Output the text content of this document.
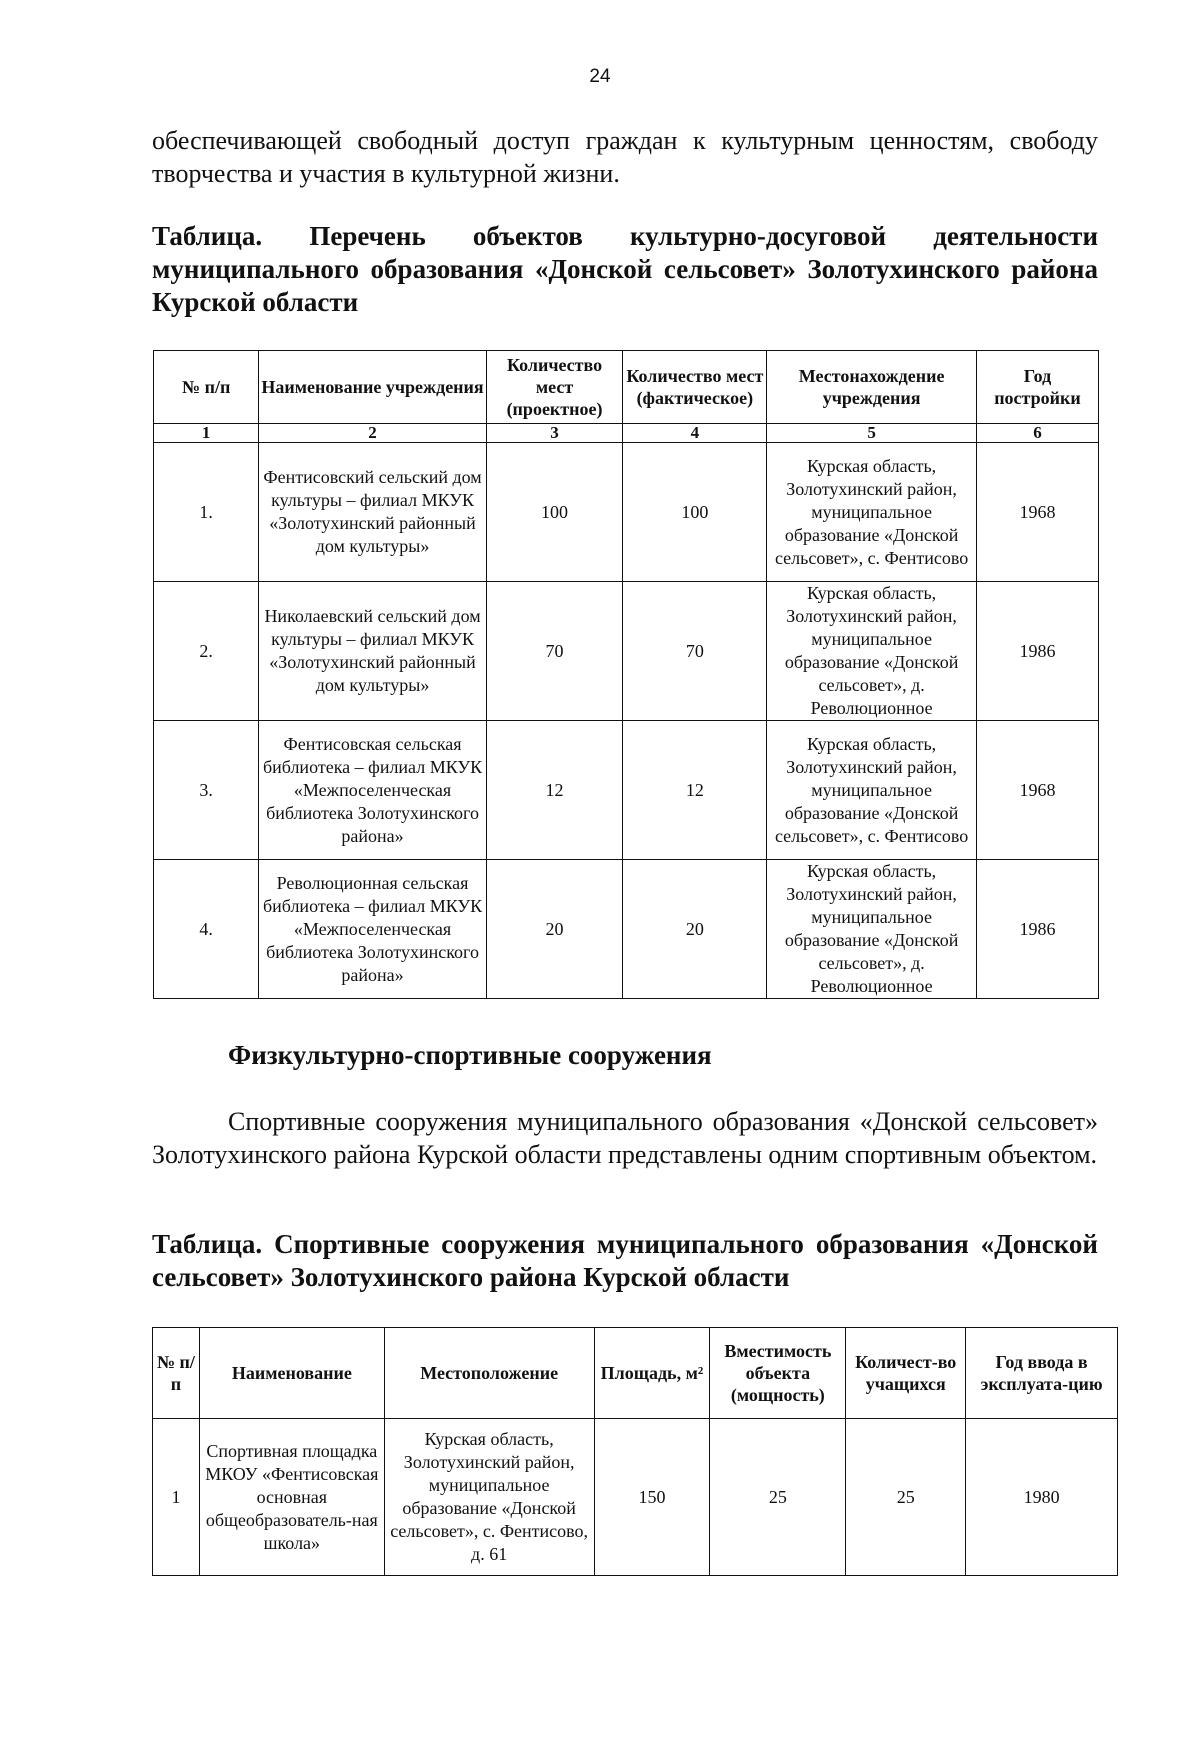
24

обеспечивающей свободный доступ граждан к культурным ценностям, свободу творчества и участия в культурной жизни.

Таблица. Перечень объектов культурно-досуговой деятельности муниципального образования «Донской сельсовет» Золотухинского района Курской области

№ п/п	Наименование учреждения	Количество мест (проектное)	Количество мест (фактическое)	Местонахождение учреждения	Год постройки
1	2	3	4	5	6
1.	Фентисовский сельский дом культуры – филиал МКУК «Золотухинский районный дом культуры»	100	100	Курская область, Золотухинский район, муниципальное образование «Донской сельсовет», с. Фентисово	1968
2.	Николаевский сельский дом культуры – филиал МКУК «Золотухинский районный дом культуры»	70	70	Курская область, Золотухинский район, муниципальное образование «Донской сельсовет», д. Революционное	1986
3.	Фентисовская сельская библиотека – филиал МКУК «Межпоселенческая библиотека Золотухинского района»	12	12	Курская область, Золотухинский район, муниципальное образование «Донской сельсовет», с. Фентисово	1968
4.	Революционная сельская библиотека – филиал МКУК «Межпоселенческая библиотека Золотухинского района»	20	20	Курская область, Золотухинский район, муниципальное образование «Донской сельсовет», д. Революционное	1986
Физкультурно-спортивные сооружения

Спортивные сооружения муниципального образования «Донской сельсовет» Золотухинского района Курской области представлены одним спортивным объектом.

Таблица. Спортивные сооружения муниципального образования «Донской сельсовет» Золотухинского района Курской области

№ п/п	Наименование	Местоположение	Площадь, м²	Вместимость объекта (мощность)	Количест-во учащихся	Год ввода в эксплуата-цию
1	Спортивная площадка МКОУ «Фентисовская основная общеобразователь-ная школа»	Курская область, Золотухинский район, муниципальное образование «Донской сельсовет», с. Фентисово, д. 61	150	25	25	1980
